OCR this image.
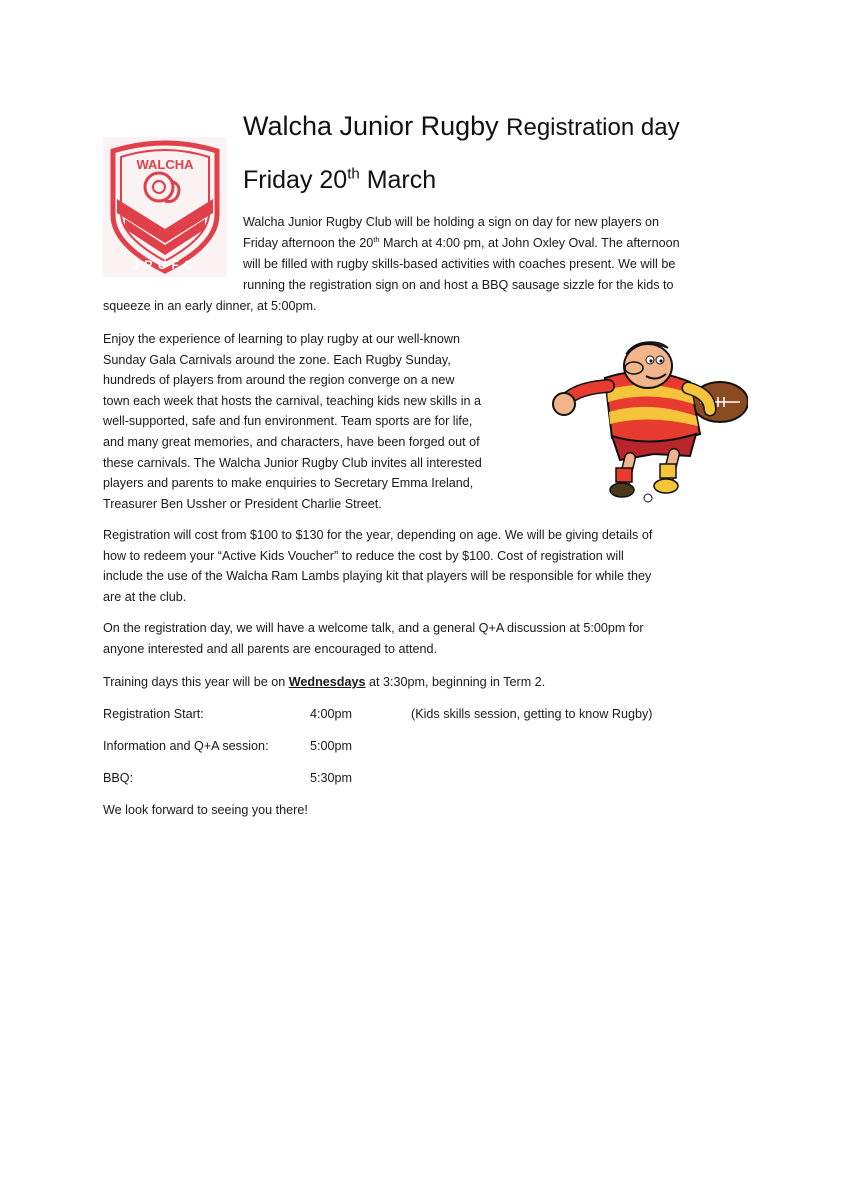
WALCHA
JRUFC
Walcha Junior Rugby Registration day
Friday 20th March
Walcha Junior Rugby Club will be holding a sign on day for new players on
Friday afternoon the 20th March at 4:00 pm, at John Oxley Oval. The afternoon
will be filled with rugby skills-based activities with coaches present. We will be
running the registration sign on and host a BBQ sausage sizzle for the kids to
squeeze in an early dinner, at 5:00pm.
Enjoy the experience of learning to play rugby at our well-known
Sunday Gala Carnivals around the zone. Each Rugby Sunday,
hundreds of players from around the region converge on a new
town each week that hosts the carnival, teaching kids new skills in a
well-supported, safe and fun environment. Team sports are for life,
and many great memories, and characters, have been forged out of
these carnivals. The Walcha Junior Rugby Club invites all interested
players and parents to make enquiries to Secretary Emma Ireland,
Treasurer Ben Ussher or President Charlie Street.
Registration will cost from $100 to $130 for the year, depending on age. We will be giving details of
how to redeem your “Active Kids Voucher” to reduce the cost by $100. Cost of registration will
include the use of the Walcha Ram Lambs playing kit that players will be responsible for while they
are at the club.
On the registration day, we will have a welcome talk, and a general Q+A discussion at 5:00pm for
anyone interested and all parents are encouraged to attend.
Training days this year will be on Wednesdays at 3:30pm, beginning in Term 2.
Registration Start:	4:00pm	(Kids skills session, getting to know Rugby)
Information and Q+A session:	5:00pm
BBQ:	5:30pm
We look forward to seeing you there!
